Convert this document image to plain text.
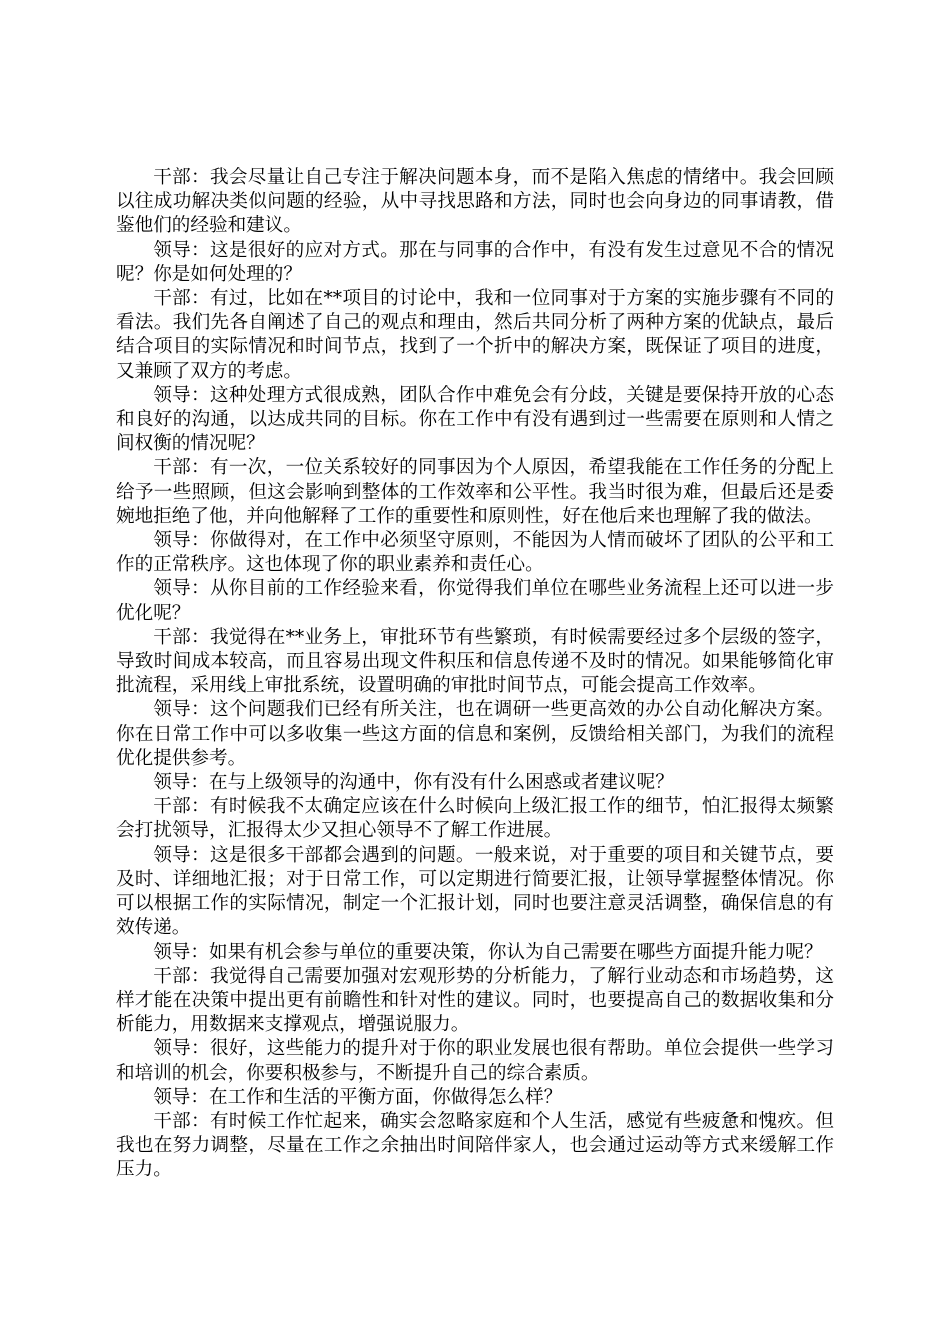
干部：我会尽量让自己专注于解决问题本身，而不是陷入焦虑的情绪中。我会回顾以往成功解决类似问题的经验，从中寻找思路和方法，同时也会向身边的同事请教，借鉴他们的经验和建议。

领导：这是很好的应对方式。那在与同事的合作中，有没有发生过意见不合的情况呢？你是如何处理的？

干部：有过，比如在**项目的讨论中，我和一位同事对于方案的实施步骤有不同的看法。我们先各自阐述了自己的观点和理由，然后共同分析了两种方案的优缺点，最后结合项目的实际情况和时间节点，找到了一个折中的解决方案，既保证了项目的进度，又兼顾了双方的考虑。

领导：这种处理方式很成熟，团队合作中难免会有分歧，关键是要保持开放的心态和良好的沟通，以达成共同的目标。你在工作中有没有遇到过一些需要在原则和人情之间权衡的情况呢？

干部：有一次，一位关系较好的同事因为个人原因，希望我能在工作任务的分配上给予一些照顾，但这会影响到整体的工作效率和公平性。我当时很为难，但最后还是委婉地拒绝了他，并向他解释了工作的重要性和原则性，好在他后来也理解了我的做法。

领导：你做得对，在工作中必须坚守原则，不能因为人情而破坏了团队的公平和工作的正常秩序。这也体现了你的职业素养和责任心。

领导：从你目前的工作经验来看，你觉得我们单位在哪些业务流程上还可以进一步优化呢？

干部：我觉得在**业务上，审批环节有些繁琐，有时候需要经过多个层级的签字，导致时间成本较高，而且容易出现文件积压和信息传递不及时的情况。如果能够简化审批流程，采用线上审批系统，设置明确的审批时间节点，可能会提高工作效率。

领导：这个问题我们已经有所关注，也在调研一些更高效的办公自动化解决方案。你在日常工作中可以多收集一些这方面的信息和案例，反馈给相关部门，为我们的流程优化提供参考。

领导：在与上级领导的沟通中，你有没有什么困惑或者建议呢？

干部：有时候我不太确定应该在什么时候向上级汇报工作的细节，怕汇报得太频繁会打扰领导，汇报得太少又担心领导不了解工作进展。

领导：这是很多干部都会遇到的问题。一般来说，对于重要的项目和关键节点，要及时、详细地汇报；对于日常工作，可以定期进行简要汇报，让领导掌握整体情况。你可以根据工作的实际情况，制定一个汇报计划，同时也要注意灵活调整，确保信息的有效传递。

领导：如果有机会参与单位的重要决策，你认为自己需要在哪些方面提升能力呢？

干部：我觉得自己需要加强对宏观形势的分析能力，了解行业动态和市场趋势，这样才能在决策中提出更有前瞻性和针对性的建议。同时，也要提高自己的数据收集和分析能力，用数据来支撑观点，增强说服力。

领导：很好，这些能力的提升对于你的职业发展也很有帮助。单位会提供一些学习和培训的机会，你要积极参与，不断提升自己的综合素质。

领导：在工作和生活的平衡方面，你做得怎么样？

干部：有时候工作忙起来，确实会忽略家庭和个人生活，感觉有些疲惫和愧疚。但我也在努力调整，尽量在工作之余抽出时间陪伴家人，也会通过运动等方式来缓解工作压力。
